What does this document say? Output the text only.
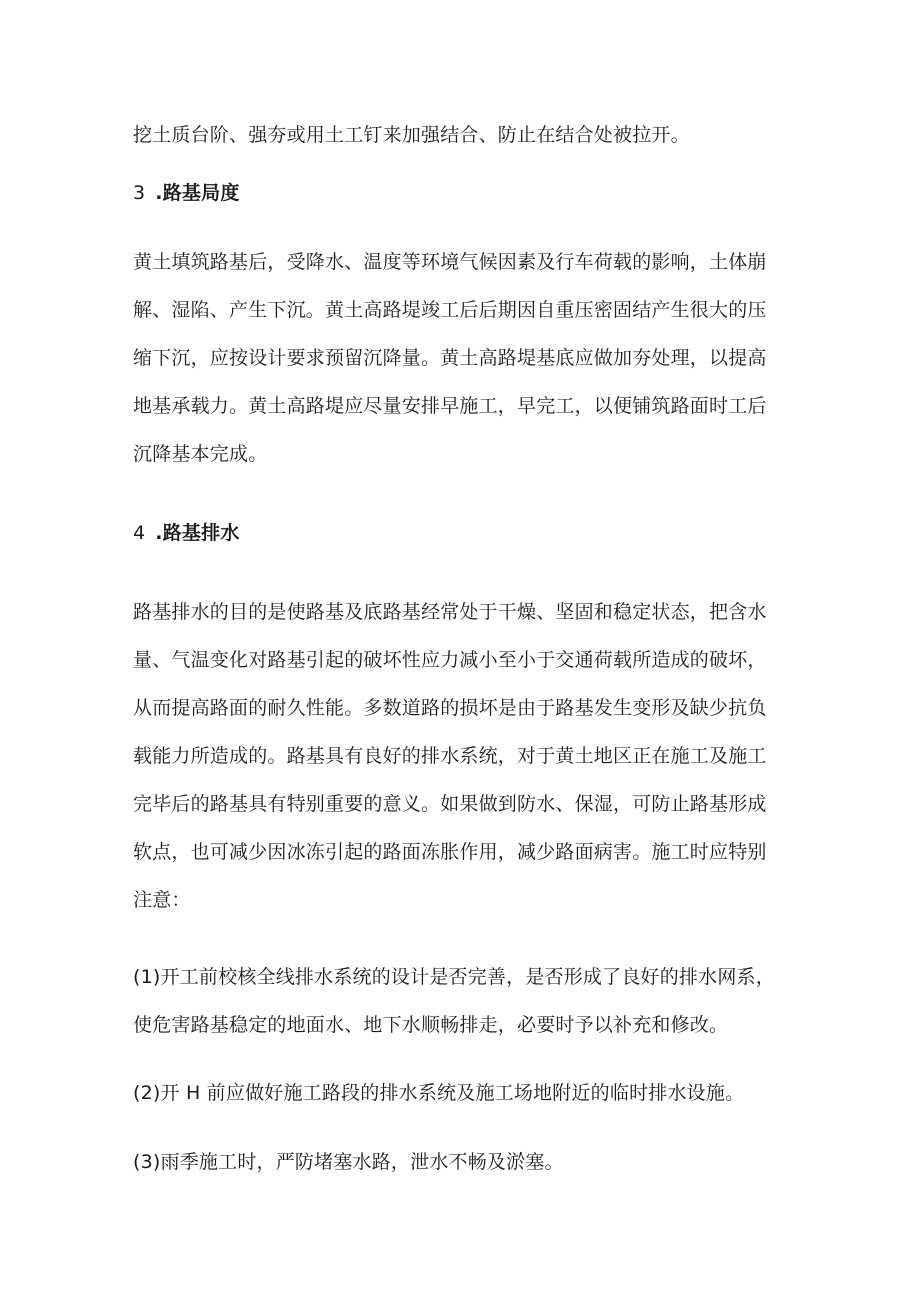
挖土质台阶、强夯或用土工钉来加强结合、防止在结合处被拉开。
3 .路基局度
黄土填筑路基后，受降水、温度等环境气候因素及行车荷载的影响，土体崩
解、湿陷、产生下沉。黄土高路堤竣工后后期因自重压密固结产生很大的压
缩下沉，应按设计要求预留沉降量。黄土高路堤基底应做加夯处理，以提高
地基承载力。黄土高路堤应尽量安排早施工，早完工，以便铺筑路面时工后
沉降基本完成。
4 .路基排水
路基排水的目的是使路基及底路基经常处于干燥、坚固和稳定状态，把含水
量、气温变化对路基引起的破坏性应力减小至小于交通荷载所造成的破坏，
从而提高路面的耐久性能。多数道路的损坏是由于路基发生变形及缺少抗负
载能力所造成的。路基具有良好的排水系统，对于黄土地区正在施工及施工
完毕后的路基具有特别重要的意义。如果做到防水、保湿，可防止路基形成
软点，也可减少因冰冻引起的路面冻胀作用，减少路面病害。施工时应特别
注意：
(1)开工前校核全线排水系统的设计是否完善，是否形成了良好的排水网系，
使危害路基稳定的地面水、地下水顺畅排走，必要时予以补充和修改。
(2)开 H 前应做好施工路段的排水系统及施工场地附近的临时排水设施。
(3)雨季施工时，严防堵塞水路，泄水不畅及淤塞。
